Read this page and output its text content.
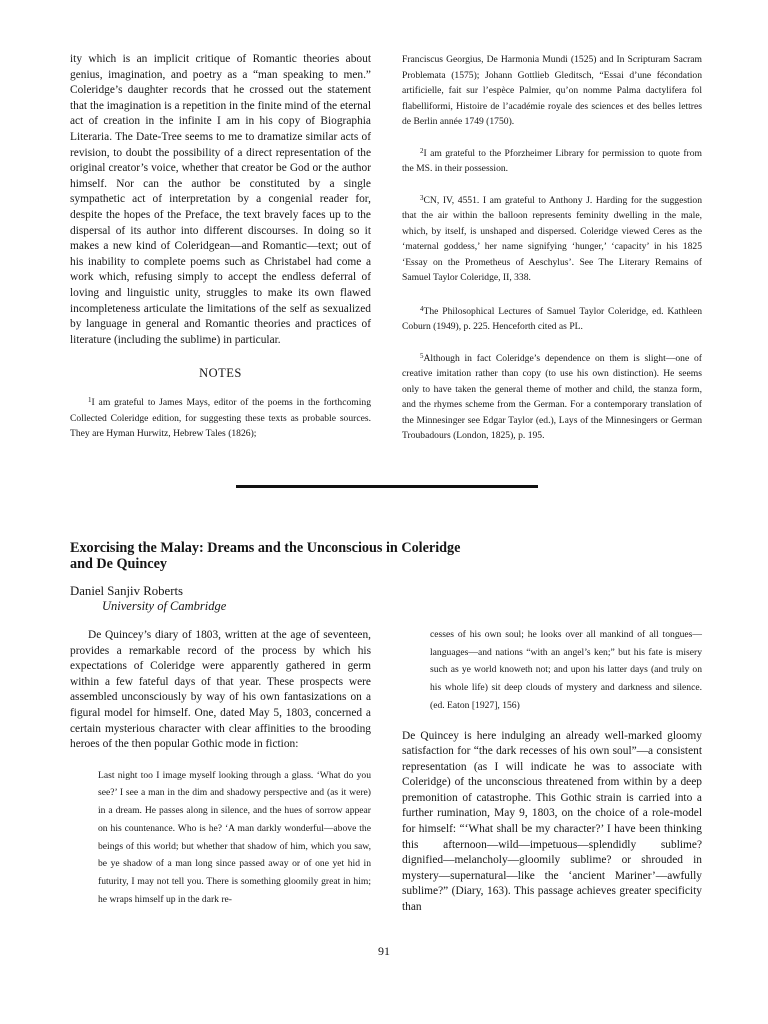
ity which is an implicit critique of Romantic theories about genius, imagination, and poetry as a “man speaking to men.” Coleridge’s daughter records that he crossed out the statement that the imagination is a repetition in the finite mind of the eternal act of creation in the infinite I am in his copy of Biographia Literaria. The Date-Tree seems to me to dramatize similar acts of revision, to doubt the possibility of a direct representation of the original creator’s voice, whether that creator be God or the author himself. Nor can the author be constituted by a single sympathetic act of interpretation by a congenial reader for, despite the hopes of the Preface, the text bravely faces up to the dispersal of its author into different discourses. In doing so it makes a new kind of Coleridgean—and Romantic—text; out of his inability to complete poems such as Christabel had come a work which, refusing simply to accept the endless deferral of loving and linguistic unity, struggles to make its own flawed incompleteness articulate the limitations of the self as sexualized by language in general and Romantic theories and practices of literature (including the sublime) in particular.

NOTES

$^1$I am grateful to James Mays, editor of the poems in the forthcoming Collected Coleridge edition, for suggesting these texts as probable sources. They are Hyman Hurwitz, Hebrew Tales (1826);

Franciscus Georgius, De Harmonia Mundi (1525) and In Scripturam Sacram Problemata (1575); Johann Gottlieb Gleditsch, “Essai d’une fécondation artificielle, fait sur l’espèce Palmier, qu’on nomme Palma dactylifera fol flabelliformi, Histoire de l’académie royale des sciences et des belles lettres de Berlin année 1749 (1750).

$^2$I am grateful to the Pforzheimer Library for permission to quote from the MS. in their possession.

$^3$CN, IV, 4551. I am grateful to Anthony J. Harding for the suggestion that the air within the balloon represents feminity dwelling in the male, which, by itself, is unshaped and dispersed. Coleridge viewed Ceres as the ‘maternal goddess,’ her name signifying ‘hunger,’ ‘capacity’ in his 1825 ‘Essay on the Prometheus of Aeschylus’. See The Literary Remains of Samuel Taylor Coleridge, II, 338.

$^4$The Philosophical Lectures of Samuel Taylor Coleridge, ed. Kathleen Coburn (1949), p. 225. Henceforth cited as PL.

$^5$Although in fact Coleridge’s dependence on them is slight—one of creative imitation rather than copy (to use his own distinction). He seems only to have taken the general theme of mother and child, the stanza form, and the rhymes scheme from the German. For a contemporary translation of the Minnesinger see Edgar Taylor (ed.), Lays of the Minnesingers or German Troubadours (London, 1825), p. 195.

Exorcising the Malay: Dreams and the Unconscious in Coleridge and De Quincey
Daniel Sanjiv Roberts
University of Cambridge

De Quincey’s diary of 1803, written at the age of seventeen, provides a remarkable record of the process by which his expectations of Coleridge were apparently gathered in germ within a few fateful days of that year. These prospects were assembled unconsciously by way of his own fantasizations on a figural model for himself. One, dated May 5, 1803, concerned a certain mysterious character with clear affinities to the brooding heroes of the then popular Gothic mode in fiction:

Last night too I image myself looking through a glass. ‘What do you see?’ I see a man in the dim and shadowy perspective and (as it were) in a dream. He passes along in silence, and the hues of sorrow appear on his countenance. Who is he? ‘A man darkly wonderful—above the beings of this world; but whether that shadow of him, which you saw, be ye shadow of a man long since passed away or of one yet hid in futurity, I may not tell you. There is something gloomily great in him; he wraps himself up in the dark re-

cesses of his own soul; he looks over all mankind of all tongues—languages—and nations “with an angel’s ken;” but his fate is misery such as ye world knoweth not; and upon his latter days (and truly on his whole life) sit deep clouds of mystery and darkness and silence. (ed. Eaton [1927], 156)

De Quincey is here indulging an already well-marked gloomy satisfaction for “the dark recesses of his own soul”—a consistent representation (as I will indicate he was to associate with Coleridge) of the unconscious threatened from within by a deep premonition of catastrophe. This Gothic strain is carried into a further rumination, May 9, 1803, on the choice of a role-model for himself: “‘What shall be my character?’ I have been thinking this afternoon—wild—impetuous—splendidly sublime? dignified—melancholy—gloomily sublime? or shrouded in mystery—supernatural—like the ‘ancient Mariner’—awfully sublime?” (Diary, 163). This passage achieves greater specificity than

91
